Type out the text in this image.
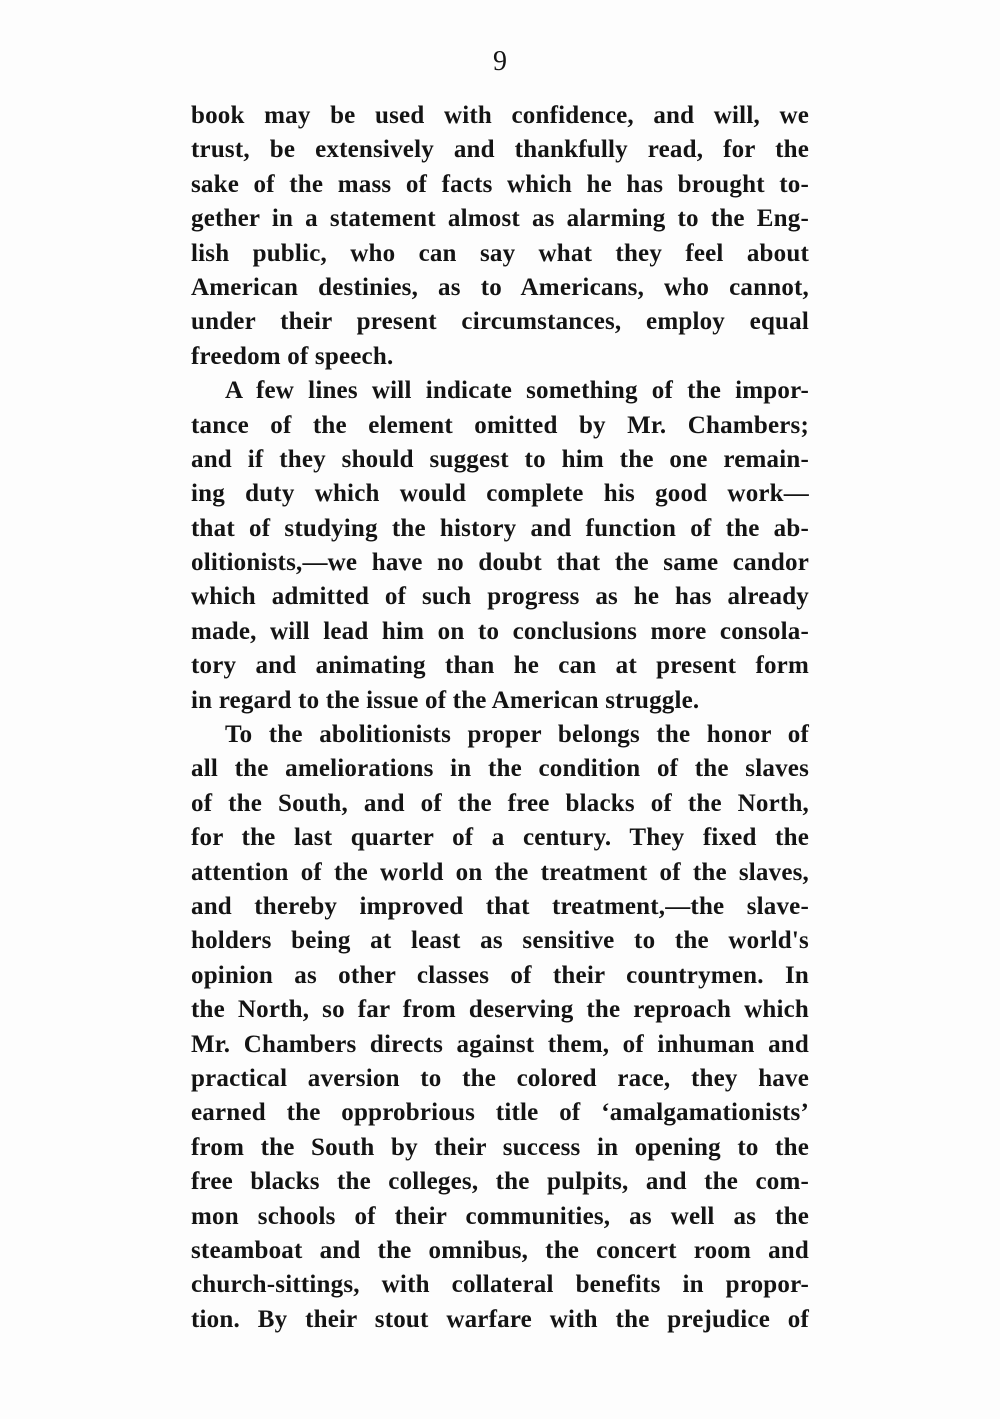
9
book may be used with confidence, and will, we
trust, be extensively and thankfully read, for the
sake of the mass of facts which he has brought to-
gether in a statement almost as alarming to the Eng-
lish public, who can say what they feel about
American destinies, as to Americans, who cannot,
under their present circumstances, employ equal
freedom of speech.
A few lines will indicate something of the impor-
tance of the element omitted by Mr. Chambers;
and if they should suggest to him the one remain-
ing duty which would complete his good work—
that of studying the history and function of the ab-
olitionists,—we have no doubt that the same candor
which admitted of such progress as he has already
made, will lead him on to conclusions more consola-
tory and animating than he can at present form
in regard to the issue of the American struggle.
To the abolitionists proper belongs the honor of
all the ameliorations in the condition of the slaves
of the South, and of the free blacks of the North,
for the last quarter of a century. They fixed the
attention of the world on the treatment of the slaves,
and thereby improved that treatment,—the slave-
holders being at least as sensitive to the world's
opinion as other classes of their countrymen. In
the North, so far from deserving the reproach which
Mr. Chambers directs against them, of inhuman and
practical aversion to the colored race, they have
earned the opprobrious title of ‘amalgamationists’
from the South by their success in opening to the
free blacks the colleges, the pulpits, and the com-
mon schools of their communities, as well as the
steamboat and the omnibus, the concert room and
church-sittings, with collateral benefits in propor-
tion. By their stout warfare with the prejudice of
